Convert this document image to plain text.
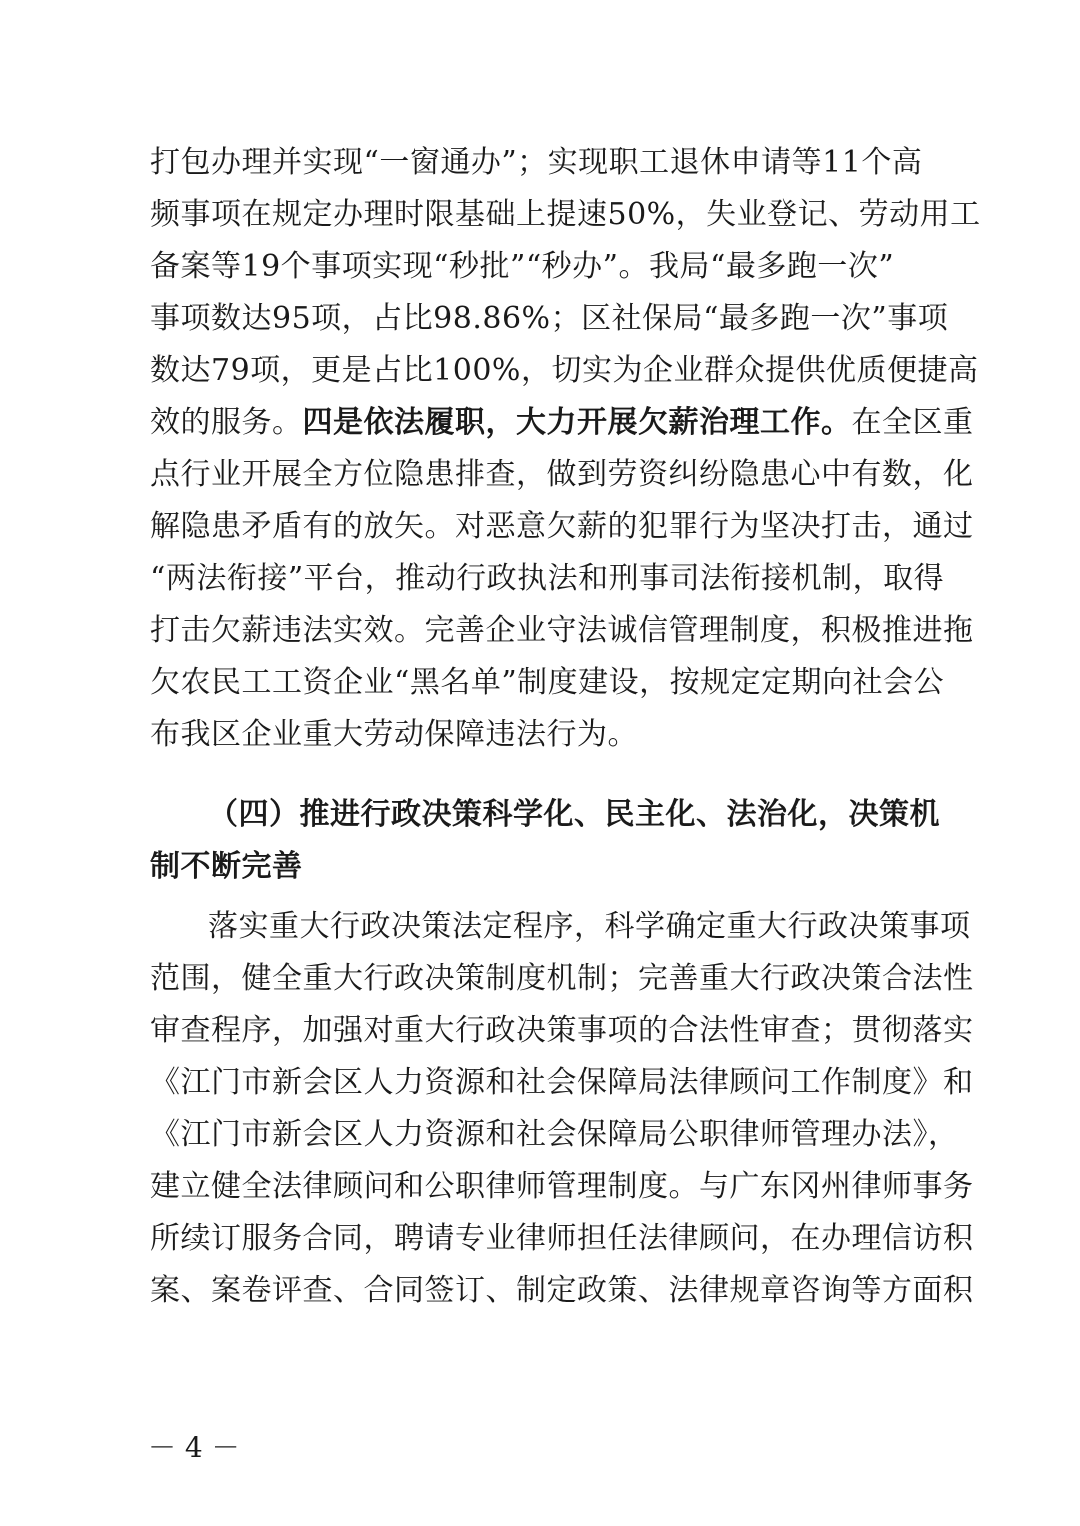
打包办理并实现“一窗通办”；实现职工退休申请等11个高
频事项在规定办理时限基础上提速50%，失业登记、劳动用工
备案等19个事项实现“秒批”“秒办”。我局“最多跑一次”
事项数达95项，占比98.86%；区社保局“最多跑一次”事项
数达79项，更是占比100%，切实为企业群众提供优质便捷高
效的服务。四是依法履职，大力开展欠薪治理工作。在全区重
点行业开展全方位隐患排查，做到劳资纠纷隐患心中有数，化
解隐患矛盾有的放矢。对恶意欠薪的犯罪行为坚决打击，通过
“两法衔接”平台，推动行政执法和刑事司法衔接机制，取得
打击欠薪违法实效。完善企业守法诚信管理制度，积极推进拖
欠农民工工资企业“黑名单”制度建设，按规定定期向社会公
布我区企业重大劳动保障违法行为。
（四）推进行政决策科学化、民主化、法治化，决策机
制不断完善
落实重大行政决策法定程序，科学确定重大行政决策事项
范围，健全重大行政决策制度机制；完善重大行政决策合法性
审查程序，加强对重大行政决策事项的合法性审查；贯彻落实
《江门市新会区人力资源和社会保障局法律顾问工作制度》和
《江门市新会区人力资源和社会保障局公职律师管理办法》，
建立健全法律顾问和公职律师管理制度。与广东冈州律师事务
所续订服务合同，聘请专业律师担任法律顾问，在办理信访积
案、案卷评查、合同签订、制定政策、法律规章咨询等方面积
－ 4 －
